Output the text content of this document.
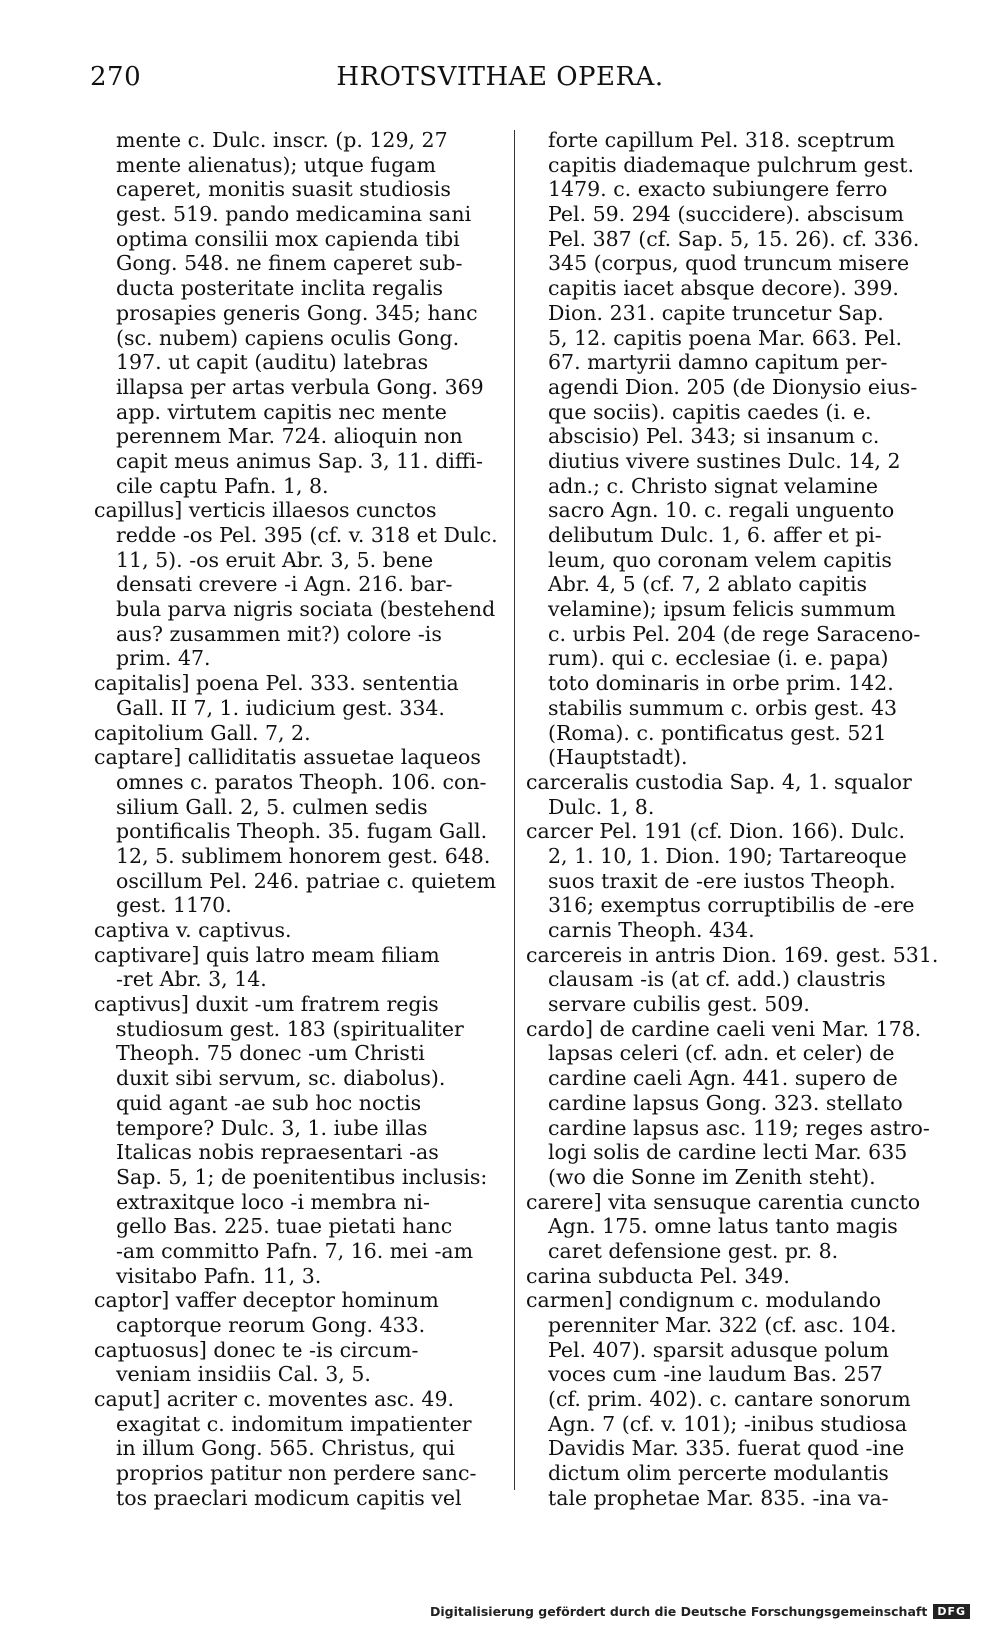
270	HROTSVITHAE OPERA.
mente c. Dulc. inscr. (p. 129, 27
mente alienatus); utque fugam
caperet, monitis suasit studiosis
gest. 519. pando medicamina sani
optima consilii mox capienda tibi
Gong. 548. ne finem caperet sub-
ducta posteritate inclita regalis
prosapies generis Gong. 345; hanc
(sc. nubem) capiens oculis Gong.
197. ut capit (auditu) latebras
illapsa per artas verbula Gong. 369
app. virtutem capitis nec mente
perennem Mar. 724. alioquin non
capit meus animus Sap. 3, 11. diffi-
cile captu Pafn. 1, 8.
capillus] verticis illaesos cunctos
redde -os Pel. 395 (cf. v. 318 et Dulc.
11, 5). -os eruit Abr. 3, 5. bene
densati crevere -i Agn. 216. bar-
bula parva nigris sociata (bestehend
aus? zusammen mit?) colore -is
prim. 47.
capitalis] poena Pel. 333. sententia
Gall. II 7, 1. iudicium gest. 334.
capitolium Gall. 7, 2.
captare] calliditatis assuetae laqueos
omnes c. paratos Theoph. 106. con-
silium Gall. 2, 5. culmen sedis
pontificalis Theoph. 35. fugam Gall.
12, 5. sublimem honorem gest. 648.
oscillum Pel. 246. patriae c. quietem
gest. 1170.
captiva v. captivus.
captivare] quis latro meam filiam
-ret Abr. 3, 14.
captivus] duxit -um fratrem regis
studiosum gest. 183 (spiritualiter
Theoph. 75 donec -um Christi
duxit sibi servum, sc. diabolus).
quid agant -ae sub hoc noctis
tempore? Dulc. 3, 1. iube illas
Italicas nobis repraesentari -as
Sap. 5, 1; de poenitentibus inclusis:
extraxitque loco -i membra ni-
gello Bas. 225. tuae pietati hanc
-am committo Pafn. 7, 16. mei -am
visitabo Pafn. 11, 3.
captor] vaffer deceptor hominum
captorque reorum Gong. 433.
captuosus] donec te -is circum-
veniam insidiis Cal. 3, 5.
caput] acriter c. moventes asc. 49.
exagitat c. indomitum impatienter
in illum Gong. 565. Christus, qui
proprios patitur non perdere sanc-
tos praeclari modicum capitis vel
forte capillum Pel. 318. sceptrum
capitis diademaque pulchrum gest.
1479. c. exacto subiungere ferro
Pel. 59. 294 (succidere). abscisum
Pel. 387 (cf. Sap. 5, 15. 26). cf. 336.
345 (corpus, quod truncum misere
capitis iacet absque decore). 399.
Dion. 231. capite truncetur Sap.
5, 12. capitis poena Mar. 663. Pel.
67. martyrii damno capitum per-
agendi Dion. 205 (de Dionysio eius-
que sociis). capitis caedes (i. e.
abscisio) Pel. 343; si insanum c.
diutius vivere sustines Dulc. 14, 2
adn.; c. Christo signat velamine
sacro Agn. 10. c. regali unguento
delibutum Dulc. 1, 6. affer et pi-
leum, quo coronam velem capitis
Abr. 4, 5 (cf. 7, 2 ablato capitis
velamine); ipsum felicis summum
c. urbis Pel. 204 (de rege Saraceno-
rum). qui c. ecclesiae (i. e. papa)
toto dominaris in orbe prim. 142.
stabilis summum c. orbis gest. 43
(Roma). c. pontificatus gest. 521
(Hauptstadt).
carceralis custodia Sap. 4, 1. squalor
Dulc. 1, 8.
carcer Pel. 191 (cf. Dion. 166). Dulc.
2, 1. 10, 1. Dion. 190; Tartareoque
suos traxit de -ere iustos Theoph.
316; exemptus corruptibilis de -ere
carnis Theoph. 434.
carcereis in antris Dion. 169. gest. 531.
clausam -is (at cf. add.) claustris
servare cubilis gest. 509.
cardo] de cardine caeli veni Mar. 178.
lapsas celeri (cf. adn. et celer) de
cardine caeli Agn. 441. supero de
cardine lapsus Gong. 323. stellato
cardine lapsus asc. 119; reges astro-
logi solis de cardine lecti Mar. 635
(wo die Sonne im Zenith steht).
carere] vita sensuque carentia cuncto
Agn. 175. omne latus tanto magis
caret defensione gest. pr. 8.
carina subducta Pel. 349.
carmen] condignum c. modulando
perenniter Mar. 322 (cf. asc. 104.
Pel. 407). sparsit adusque polum
voces cum -ine laudum Bas. 257
(cf. prim. 402). c. cantare sonorum
Agn. 7 (cf. v. 101); -inibus studiosa
Davidis Mar. 335. fuerat quod -ine
dictum olim percerte modulantis
tale prophetae Mar. 835. -ina va-
Digitalisierung gefördert durch die Deutsche Forschungsgemeinschaft DFG
